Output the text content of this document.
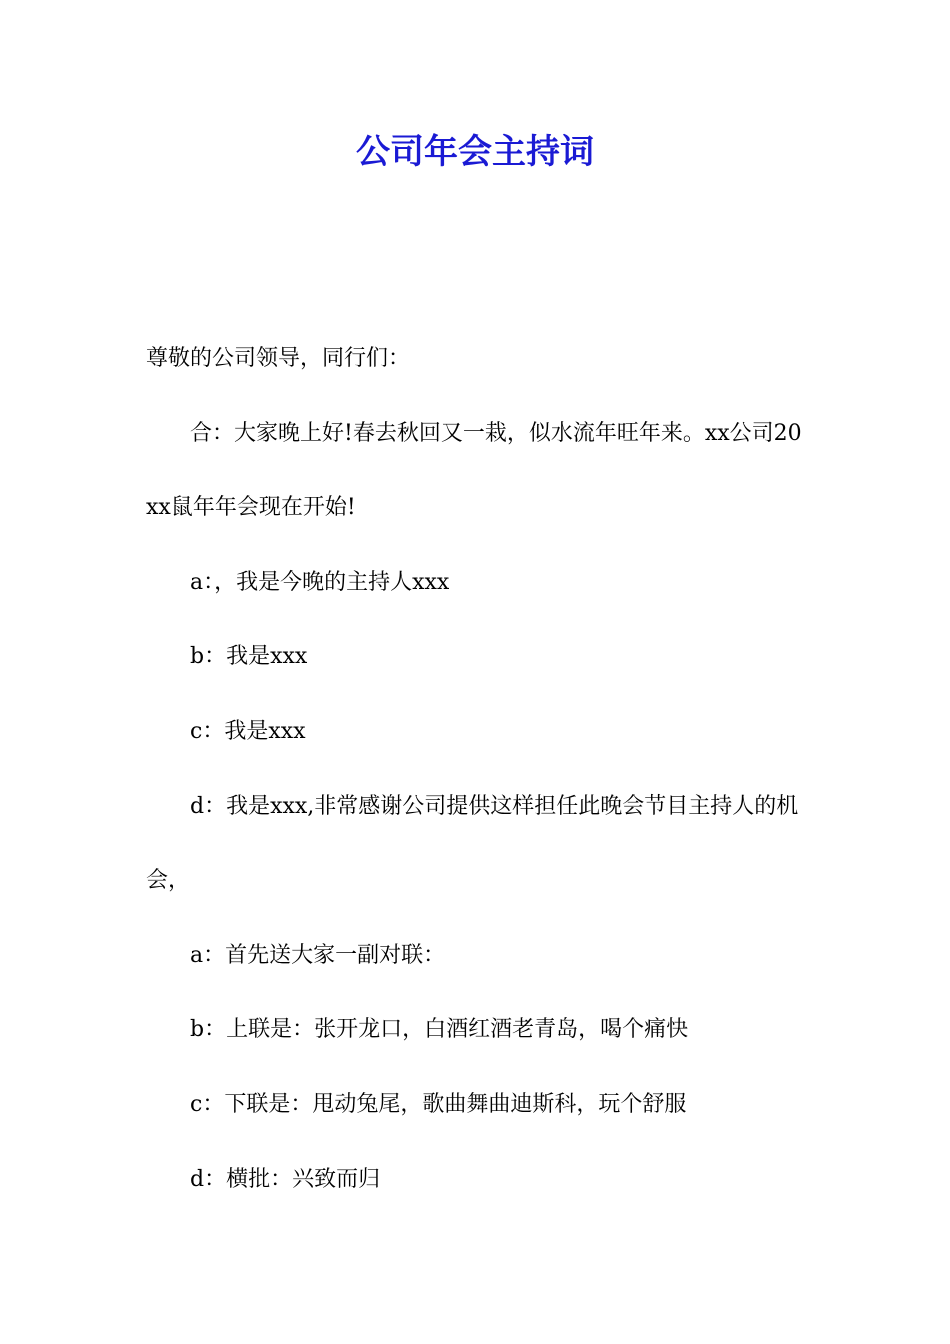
公司年会主持词

尊敬的公司领导，同行们：

合：大家晚上好!春去秋回又一栽，似水流年旺年来。xx公司20xx鼠年年会现在开始!

a：，我是今晚的主持人xxx

b：我是xxx

c：我是xxx

d：我是xxx,非常感谢公司提供这样担任此晚会节目主持人的机会，

a：首先送大家一副对联：

b：上联是：张开龙口，白酒红酒老青岛，喝个痛快

c：下联是：甩动兔尾，歌曲舞曲迪斯科，玩个舒服

d：横批：兴致而归
